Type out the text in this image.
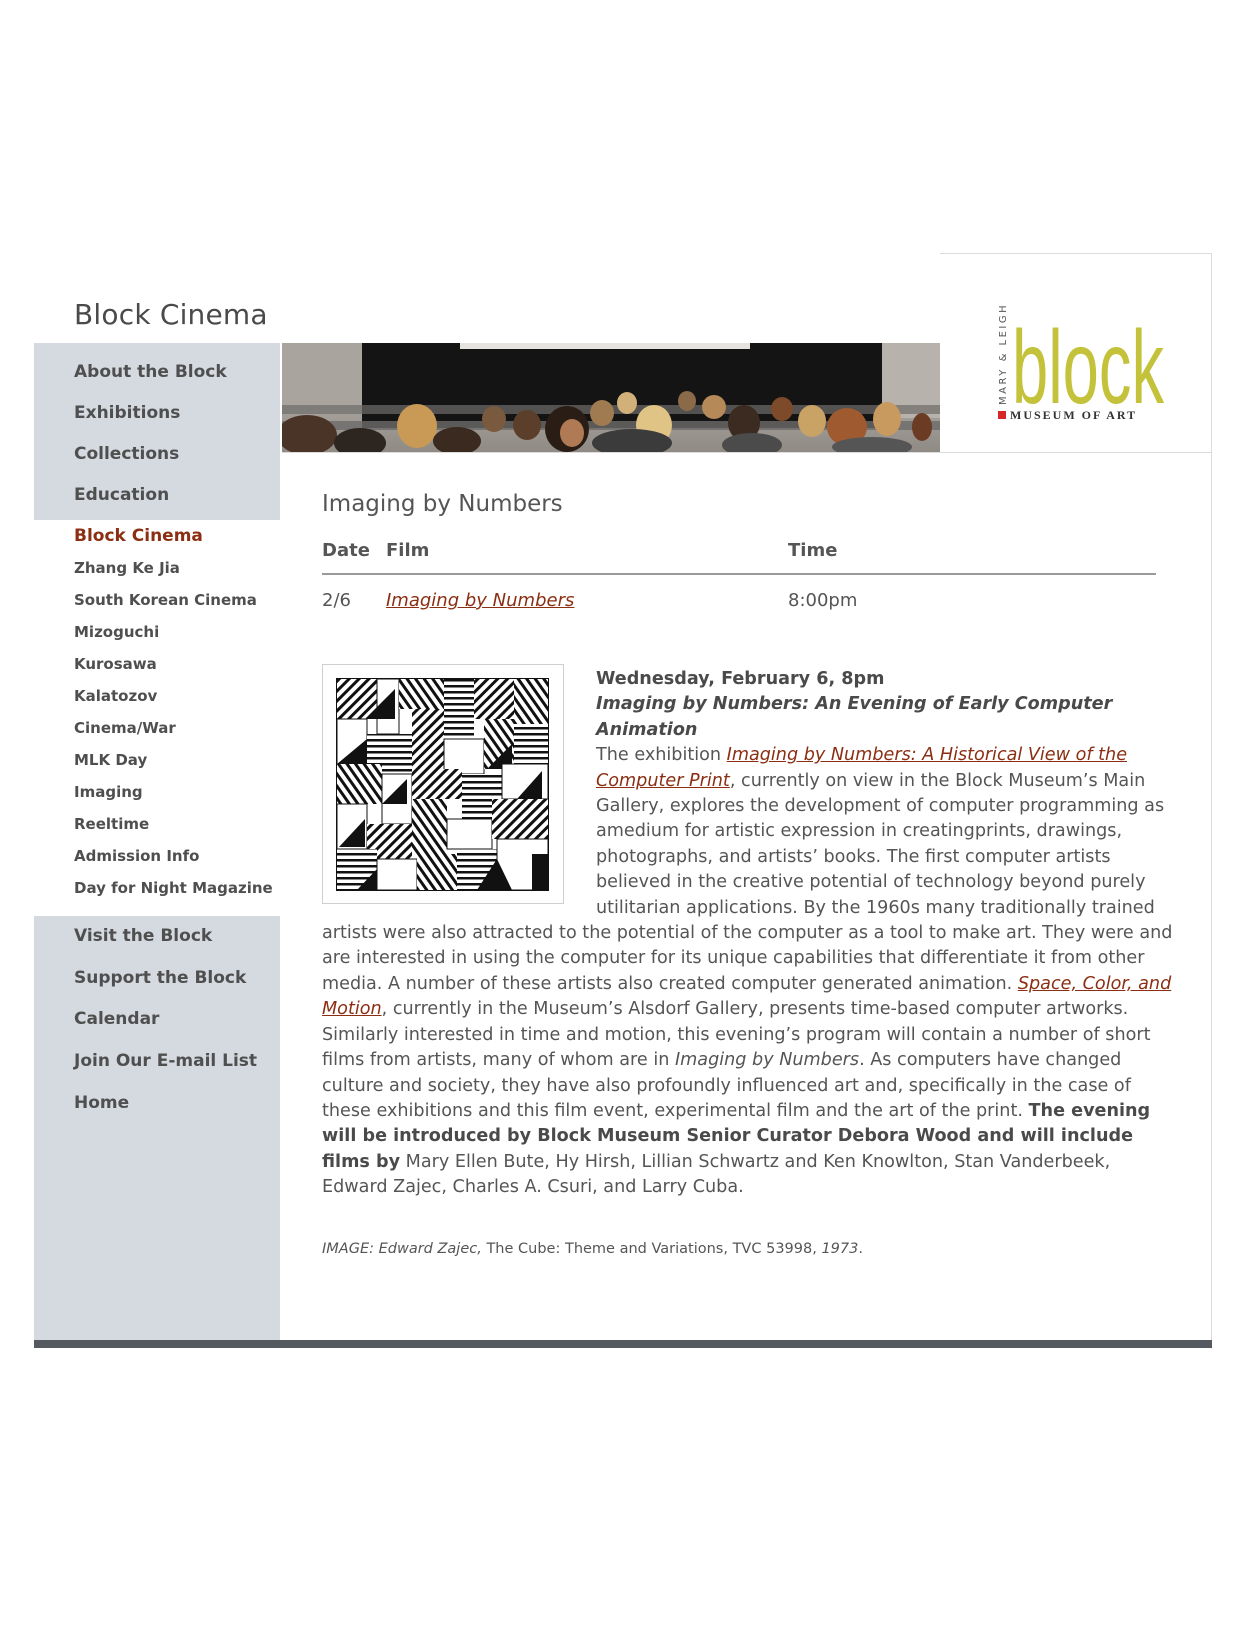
Block Cinema
About the Block
Exhibitions
Collections
Education
Block Cinema
Zhang Ke Jia
South Korean Cinema
Mizoguchi
Kurosawa
Kalatozov
Cinema/War
MLK Day
Imaging
Reeltime
Admission Info
Day for Night Magazine
Visit the Block
Support the Block
Calendar
Join Our E-mail List
Home
MARY & LEIGH block
MUSEUM OF ART
Imaging by Numbers
Date Film	Time
2/6 Imaging by Numbers	8:00pm
Wednesday, February 6, 8pm
Imaging by Numbers: An Evening of Early Computer Animation
The exhibition Imaging by Numbers: A Historical View of the Computer Print, currently on view in the Block Museum’s Main Gallery, explores the development of computer programming as amedium for artistic expression in creatingprints, drawings, photographs, and artists’ books. The first computer artists believed in the creative potential of technology beyond purely utilitarian applications. By the 1960s many traditionally trained artists were also attracted to the potential of the computer as a tool to make art. They were and are interested in using the computer for its unique capabilities that differentiate it from other media. A number of these artists also created computer generated animation. Space, Color, and Motion, currently in the Museum’s Alsdorf Gallery, presents time-based computer artworks. Similarly interested in time and motion, this evening’s program will contain a number of short films from artists, many of whom are in Imaging by Numbers. As computers have changed culture and society, they have also profoundly influenced art and, specifically in the case of these exhibitions and this film event, experimental film and the art of the print. The evening will be introduced by Block Museum Senior Curator Debora Wood and will include films by Mary Ellen Bute, Hy Hirsh, Lillian Schwartz and Ken Knowlton, Stan Vanderbeek, Edward Zajec, Charles A. Csuri, and Larry Cuba.
IMAGE: Edward Zajec, The Cube: Theme and Variations, TVC 53998, 1973.
